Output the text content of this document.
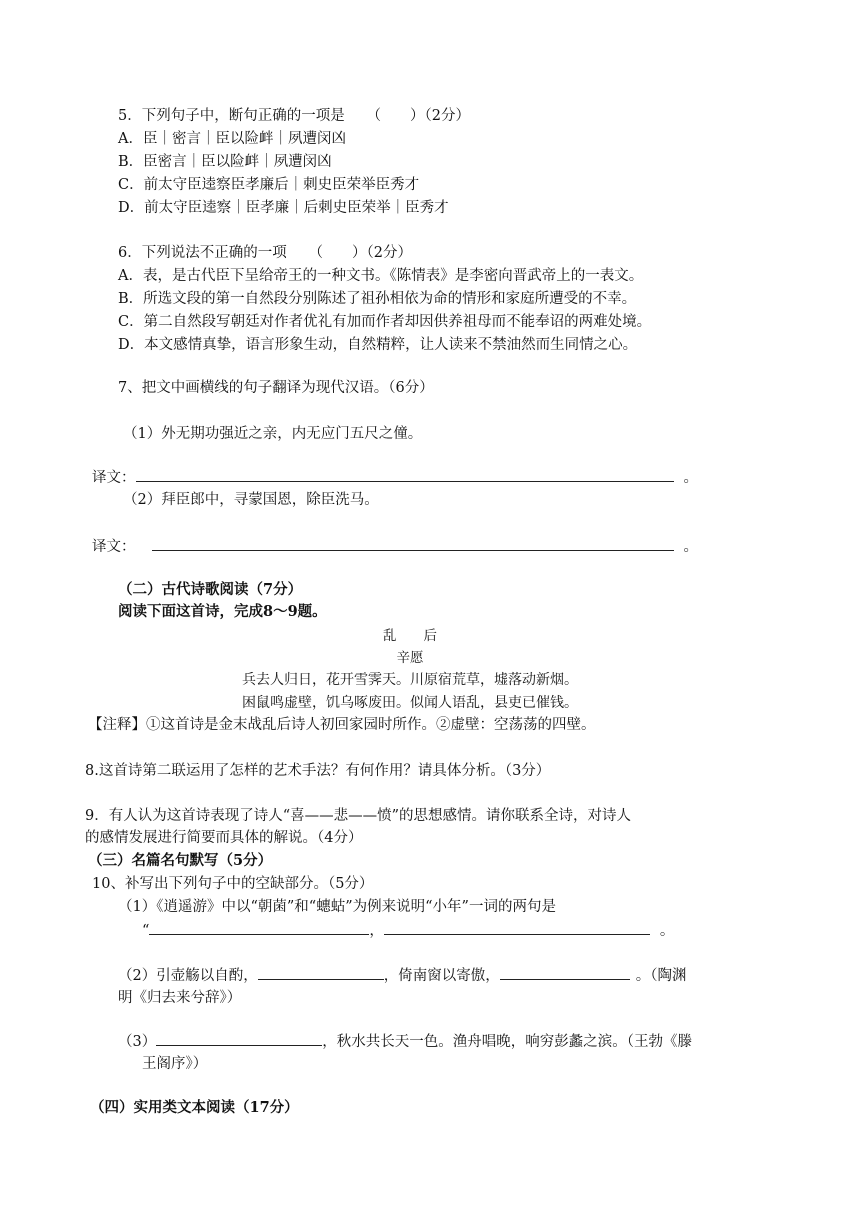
5．下列句子中，断句正确的一项是　　（　　）（2分）
A．臣｜密言｜臣以险衅｜夙遭闵凶
B．臣密言｜臣以险衅｜夙遭闵凶
C．前太守臣逵察臣孝廉后｜刺史臣荣举臣秀才
D．前太守臣逵察｜臣孝廉｜后刺史臣荣举｜臣秀才
6．下列说法不正确的一项　　（　　）（2分）
A．表，是古代臣下呈给帝王的一种文书。《陈情表》是李密向晋武帝上的一表文。
B．所选文段的第一自然段分别陈述了祖孙相依为命的情形和家庭所遭受的不幸。
C．第二自然段写朝廷对作者优礼有加而作者却因供养祖母而不能奉诏的两难处境。
D．本文感情真挚，语言形象生动，自然精粹，让人读来不禁油然而生同情之心。
7、把文中画横线的句子翻译为现代汉语。（6分）
（1）外无期功强近之亲，内无应门五尺之僮。
译文：	。
（2）拜臣郎中，寻蒙国恩，除臣洗马。
译文：	。
（二）古代诗歌阅读（7分）
阅读下面这首诗，完成8～9题。
乱　　后
辛愿
兵去人归日，花开雪霁天。川原宿荒草，墟落动新烟。
困鼠鸣虚壁，饥乌啄废田。似闻人语乱，县吏已催钱。
【注释】①这首诗是金末战乱后诗人初回家园时所作。②虚壁：空荡荡的四壁。
8.这首诗第二联运用了怎样的艺术手法？有何作用？请具体分析。（3分）
9．有人认为这首诗表现了诗人“喜——悲——愤”的思想感情。请你联系全诗，对诗人
的感情发展进行简要而具体的解说。（4分）
（三）名篇名句默写（5分）
10、补写出下列句子中的空缺部分。（5分）
（1）《逍遥游》中以“朝菌”和“蟪蛄”为例来说明“小年”一词的两句是
“	，	。
（2）引壶觞以自酌，	，倚南窗以寄傲，	。（陶渊
明《归去来兮辞》）
（3）	，秋水共长天一色。渔舟唱晚，响穷彭蠡之滨。（王勃《滕
王阁序》）
（四）实用类文本阅读（17分）
